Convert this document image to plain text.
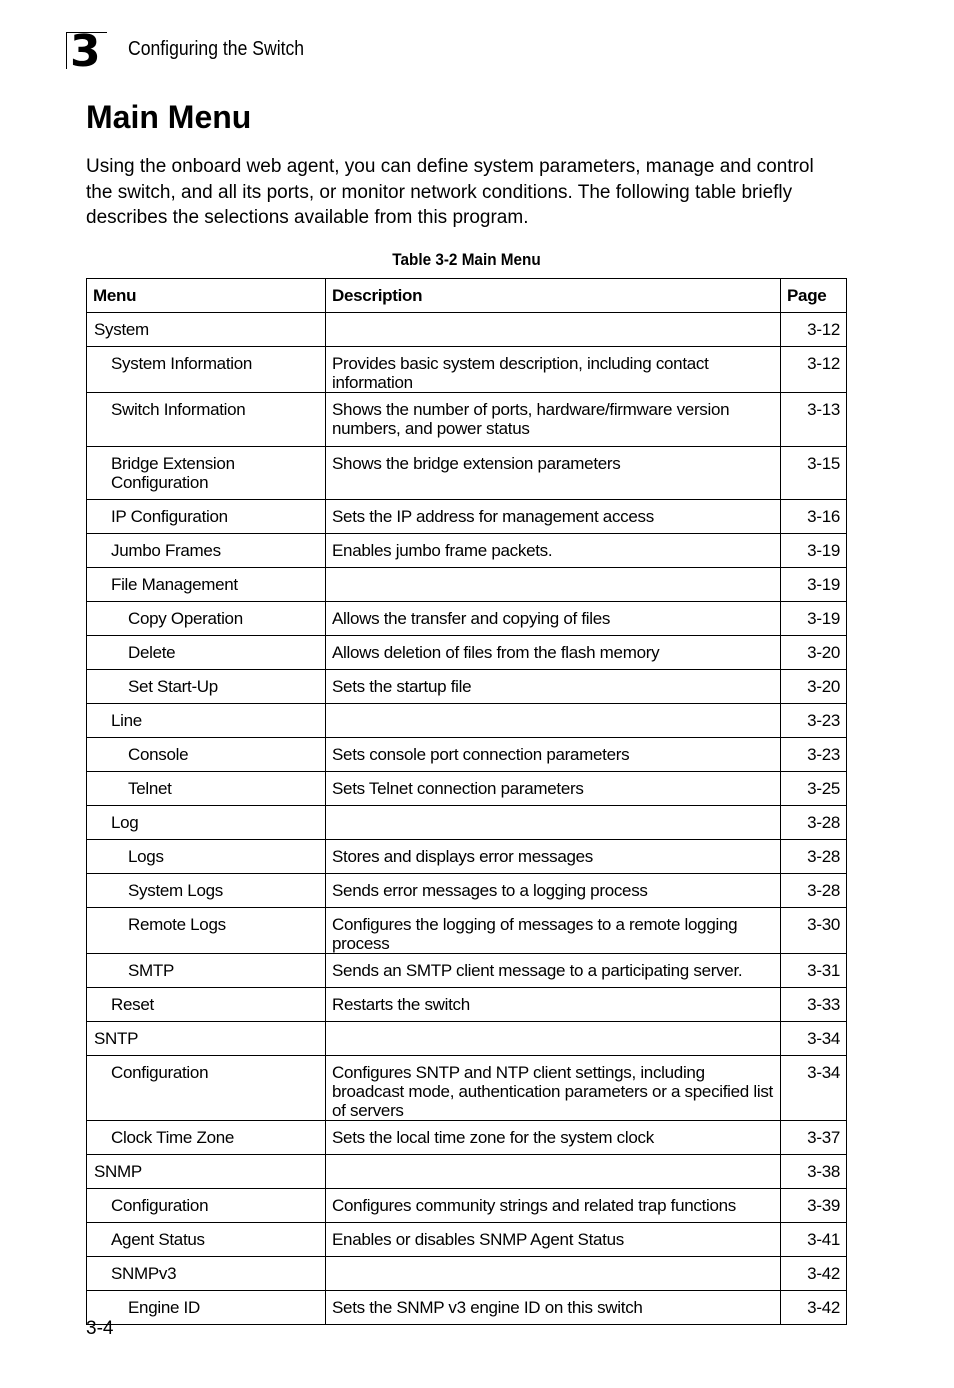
3 Configuring the Switch
Main Menu

Using the onboard web agent, you can define system parameters, manage and control the switch, and all its ports, or monitor network conditions. The following table briefly describes the selections available from this program.

Table 3-2 Main Menu
Menu	Description	Page
System		3-12
System Information	Provides basic system description, including contact information	3-12
Switch Information	Shows the number of ports, hardware/firmware version numbers, and power status	3-13
Bridge Extension Configuration	Shows the bridge extension parameters	3-15
IP Configuration	Sets the IP address for management access	3-16
Jumbo Frames	Enables jumbo frame packets.	3-19
File Management		3-19
Copy Operation	Allows the transfer and copying of files	3-19
Delete	Allows deletion of files from the flash memory	3-20
Set Start-Up	Sets the startup file	3-20
Line		3-23
Console	Sets console port connection parameters	3-23
Telnet	Sets Telnet connection parameters	3-25
Log		3-28
Logs	Stores and displays error messages	3-28
System Logs	Sends error messages to a logging process	3-28
Remote Logs	Configures the logging of messages to a remote logging process	3-30
SMTP	Sends an SMTP client message to a participating server.	3-31
Reset	Restarts the switch	3-33
SNTP		3-34
Configuration	Configures SNTP and NTP client settings, including broadcast mode, authentication parameters or a specified list of servers	3-34
Clock Time Zone	Sets the local time zone for the system clock	3-37
SNMP		3-38
Configuration	Configures community strings and related trap functions	3-39
Agent Status	Enables or disables SNMP Agent Status	3-41
SNMPv3		3-42
Engine ID	Sets the SNMP v3 engine ID on this switch	3-42
3-4
